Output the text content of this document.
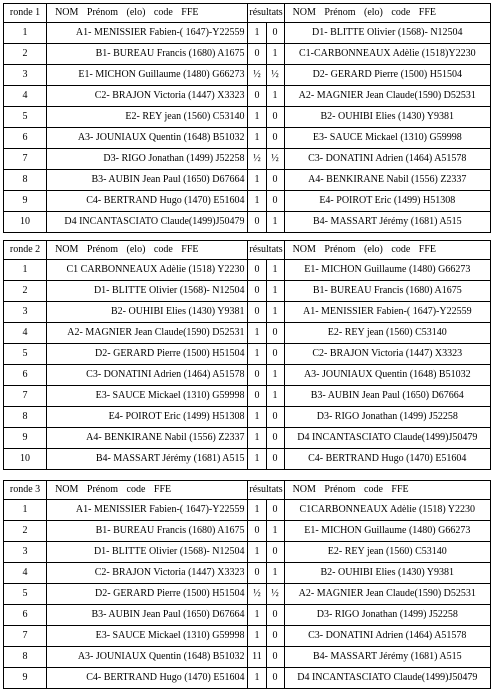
ronde 1	NOM Prénom (elo) code FFE	résultats		NOM Prénom (elo) code FFE
1	A1- MENISSIER Fabien-( 1647)-Y22559	1	0	D1- BLITTE Olivier (1568)- N12504
2	B1- BUREAU Francis (1680) A1675	0	1	C1-CARBONNEAUX Adèlie (1518)Y2230
3	E1- MICHON Guillaume (1480) G66273	½	½	D2- GERARD Pierre (1500) H51504
4	C2- BRAJON Victoria (1447) X3323	0	1	A2- MAGNIER Jean Claude(1590) D52531
5	E2- REY jean (1560) C53140	1	0	B2- OUHIBI Elies (1430) Y9381
6	A3- JOUNIAUX Quentin (1648) B51032	1	0	E3- SAUCE Mickael (1310) G59998
7	D3- RIGO Jonathan (1499) J52258	½	½	C3- DONATINI Adrien (1464) A51578
8	B3- AUBIN Jean Paul (1650) D67664	1	0	A4- BENKIRANE Nabil (1556) Z2337
9	C4- BERTRAND Hugo (1470) E51604	1	0	E4- POIROT Eric (1499) H51308
10	D4 INCANTASCIATO Claude(1499)J50479	0	1	B4- MASSART Jérémy (1681) A515
ronde 2	NOM Prénom (elo) code FFE	résultats		NOM Prénom (elo) code FFE
1	C1 CARBONNEAUX Adèlie (1518) Y2230	0	1	E1- MICHON Guillaume (1480) G66273
2	D1- BLITTE Olivier (1568)- N12504	0	1	B1- BUREAU Francis (1680) A1675
3	B2- OUHIBI Elies (1430) Y9381	0	1	A1- MENISSIER Fabien-( 1647)-Y22559
4	A2- MAGNIER Jean Claude(1590) D52531	1	0	E2- REY jean (1560) C53140
5	D2- GERARD Pierre (1500) H51504	1	0	C2- BRAJON Victoria (1447) X3323
6	C3- DONATINI Adrien (1464) A51578	0	1	A3- JOUNIAUX Quentin (1648) B51032
7	E3- SAUCE Mickael (1310) G59998	0	1	B3- AUBIN Jean Paul (1650) D67664
8	E4- POIROT Eric (1499) H51308	1	0	D3- RIGO Jonathan (1499) J52258
9	A4- BENKIRANE Nabil (1556) Z2337	1	0	D4 INCANTASCIATO Claude(1499)J50479
10	B4- MASSART Jérémy (1681) A515	1	0	C4- BERTRAND Hugo (1470) E51604
ronde 3	NOM Prénom code FFE	résultats		NOM Prénom code FFE
1	A1- MENISSIER Fabien-( 1647)-Y22559	1	0	C1CARBONNEAUX Adèlie (1518) Y2230
2	B1- BUREAU Francis (1680) A1675	0	1	E1- MICHON Guillaume (1480) G66273
3	D1- BLITTE Olivier (1568)- N12504	1	0	E2- REY jean (1560) C53140
4	C2- BRAJON Victoria (1447) X3323	0	1	B2- OUHIBI Elies (1430) Y9381
5	D2- GERARD Pierre (1500) H51504	½	½	A2- MAGNIER Jean Claude(1590) D52531
6	B3- AUBIN Jean Paul (1650) D67664	1	0	D3- RIGO Jonathan (1499) J52258
7	E3- SAUCE Mickael (1310) G59998	1	0	C3- DONATINI Adrien (1464) A51578
8	A3- JOUNIAUX Quentin (1648) B51032	11	0	B4- MASSART Jérémy (1681) A515
9	C4- BERTRAND Hugo (1470) E51604	1	0	D4 INCANTASCIATO Claude(1499)J50479
